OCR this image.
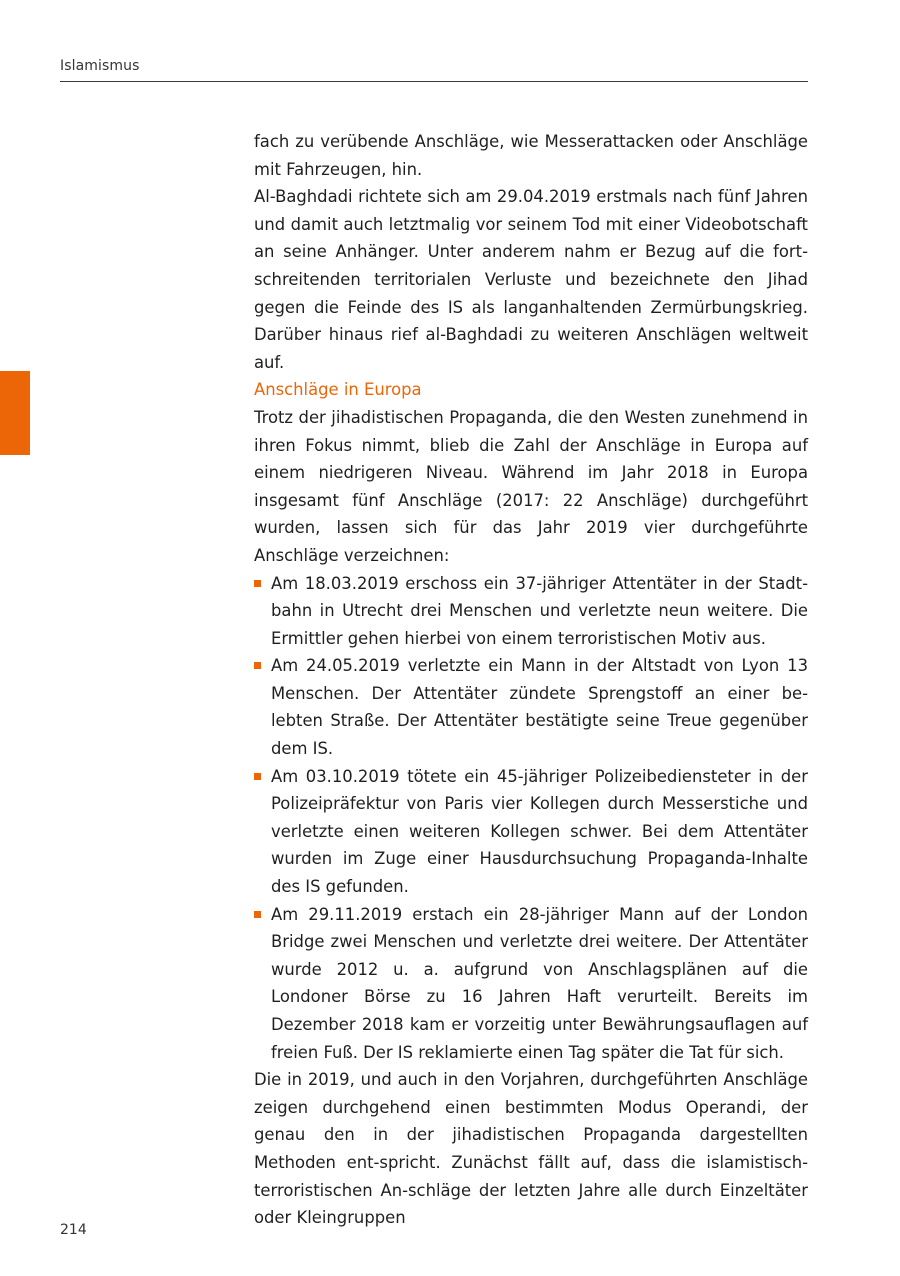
Islamismus

fach zu verübende Anschläge, wie Messerattacken oder Anschläge mit Fahrzeugen, hin.

Al-Baghdadi richtete sich am 29.04.2019 erstmals nach fünf Jahren und damit auch letztmalig vor seinem Tod mit einer Videobotschaft an seine Anhänger. Unter anderem nahm er Bezug auf die fort-schreitenden territorialen Verluste und bezeichnete den Jihad gegen die Feinde des IS als langanhaltenden Zermürbungskrieg. Darüber hinaus rief al-Baghdadi zu weiteren Anschlägen weltweit auf.

Anschläge in Europa

Trotz der jihadistischen Propaganda, die den Westen zunehmend in ihren Fokus nimmt, blieb die Zahl der Anschläge in Europa auf einem niedrigeren Niveau. Während im Jahr 2018 in Europa insgesamt fünf Anschläge (2017: 22 Anschläge) durchgeführt wurden, lassen sich für das Jahr 2019 vier durchgeführte Anschläge verzeichnen:

Am 18.03.2019 erschoss ein 37-jähriger Attentäter in der Stadt-bahn in Utrecht drei Menschen und verletzte neun weitere. Die Ermittler gehen hierbei von einem terroristischen Motiv aus.

Am 24.05.2019 verletzte ein Mann in der Altstadt von Lyon 13 Menschen. Der Attentäter zündete Sprengstoff an einer be-lebten Straße. Der Attentäter bestätigte seine Treue gegenüber dem IS.

Am 03.10.2019 tötete ein 45-jähriger Polizeibediensteter in der Polizeipräfektur von Paris vier Kollegen durch Messerstiche und verletzte einen weiteren Kollegen schwer. Bei dem Attentäter wurden im Zuge einer Hausdurchsuchung Propaganda-Inhalte des IS gefunden.

Am 29.11.2019 erstach ein 28-jähriger Mann auf der London Bridge zwei Menschen und verletzte drei weitere. Der Attentäter wurde 2012 u. a. aufgrund von Anschlagsplänen auf die Londoner Börse zu 16 Jahren Haft verurteilt. Bereits im Dezember 2018 kam er vorzeitig unter Bewährungsauflagen auf freien Fuß. Der IS reklamierte einen Tag später die Tat für sich.

Die in 2019, und auch in den Vorjahren, durchgeführten Anschläge zeigen durchgehend einen bestimmten Modus Operandi, der genau den in der jihadistischen Propaganda dargestellten Methoden ent-spricht. Zunächst fällt auf, dass die islamistisch-terroristischen An-schläge der letzten Jahre alle durch Einzeltäter oder Kleingruppen

214
